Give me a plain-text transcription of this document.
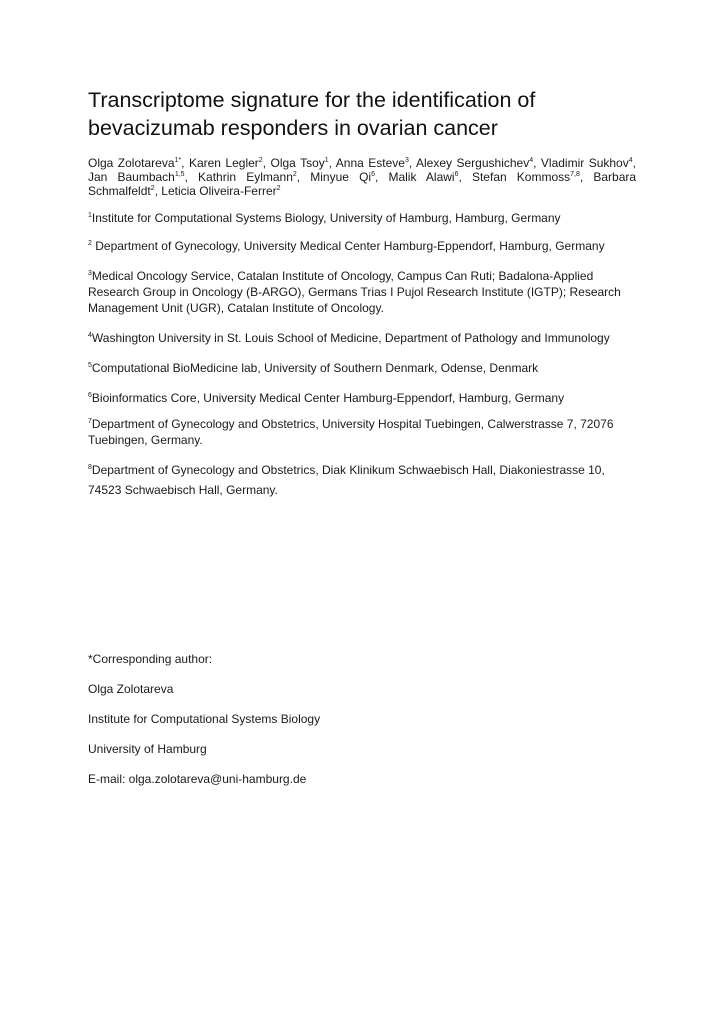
Transcriptome signature for the identification of bevacizumab responders in ovarian cancer

Olga Zolotareva$^{1*}$, Karen Legler$^2$, Olga Tsoy$^1$, Anna Esteve$^3$, Alexey Sergushichev$^4$, Vladimir Sukhov$^4$, Jan Baumbach$^{1,5}$, Kathrin Eylmann$^2$, Minyue Qi$^6$, Malik Alawi$^6$, Stefan Kommoss$^{7,8}$, Barbara Schmalfeldt$^2$, Leticia Oliveira-Ferrer$^2$

$^1$Institute for Computational Systems Biology, University of Hamburg, Hamburg, Germany

$^2$ Department of Gynecology, University Medical Center Hamburg-Eppendorf, Hamburg, Germany

$^3$Medical Oncology Service, Catalan Institute of Oncology, Campus Can Ruti; Badalona-Applied Research Group in Oncology (B-ARGO), Germans Trias I Pujol Research Institute (IGTP); Research Management Unit (UGR), Catalan Institute of Oncology.

$^4$Washington University in St. Louis School of Medicine, Department of Pathology and Immunology

$^5$Computational BioMedicine lab, University of Southern Denmark, Odense, Denmark

$^6$Bioinformatics Core, University Medical Center Hamburg-Eppendorf, Hamburg, Germany

$^7$Department of Gynecology and Obstetrics, University Hospital Tuebingen, Calwerstrasse 7, 72076 Tuebingen, Germany.

$^8$Department of Gynecology and Obstetrics, Diak Klinikum Schwaebisch Hall, Diakoniestrasse 10, 74523 Schwaebisch Hall, Germany.

*Corresponding author:

Olga Zolotareva

Institute for Computational Systems Biology

University of Hamburg

E-mail: olga.zolotareva@uni-hamburg.de
